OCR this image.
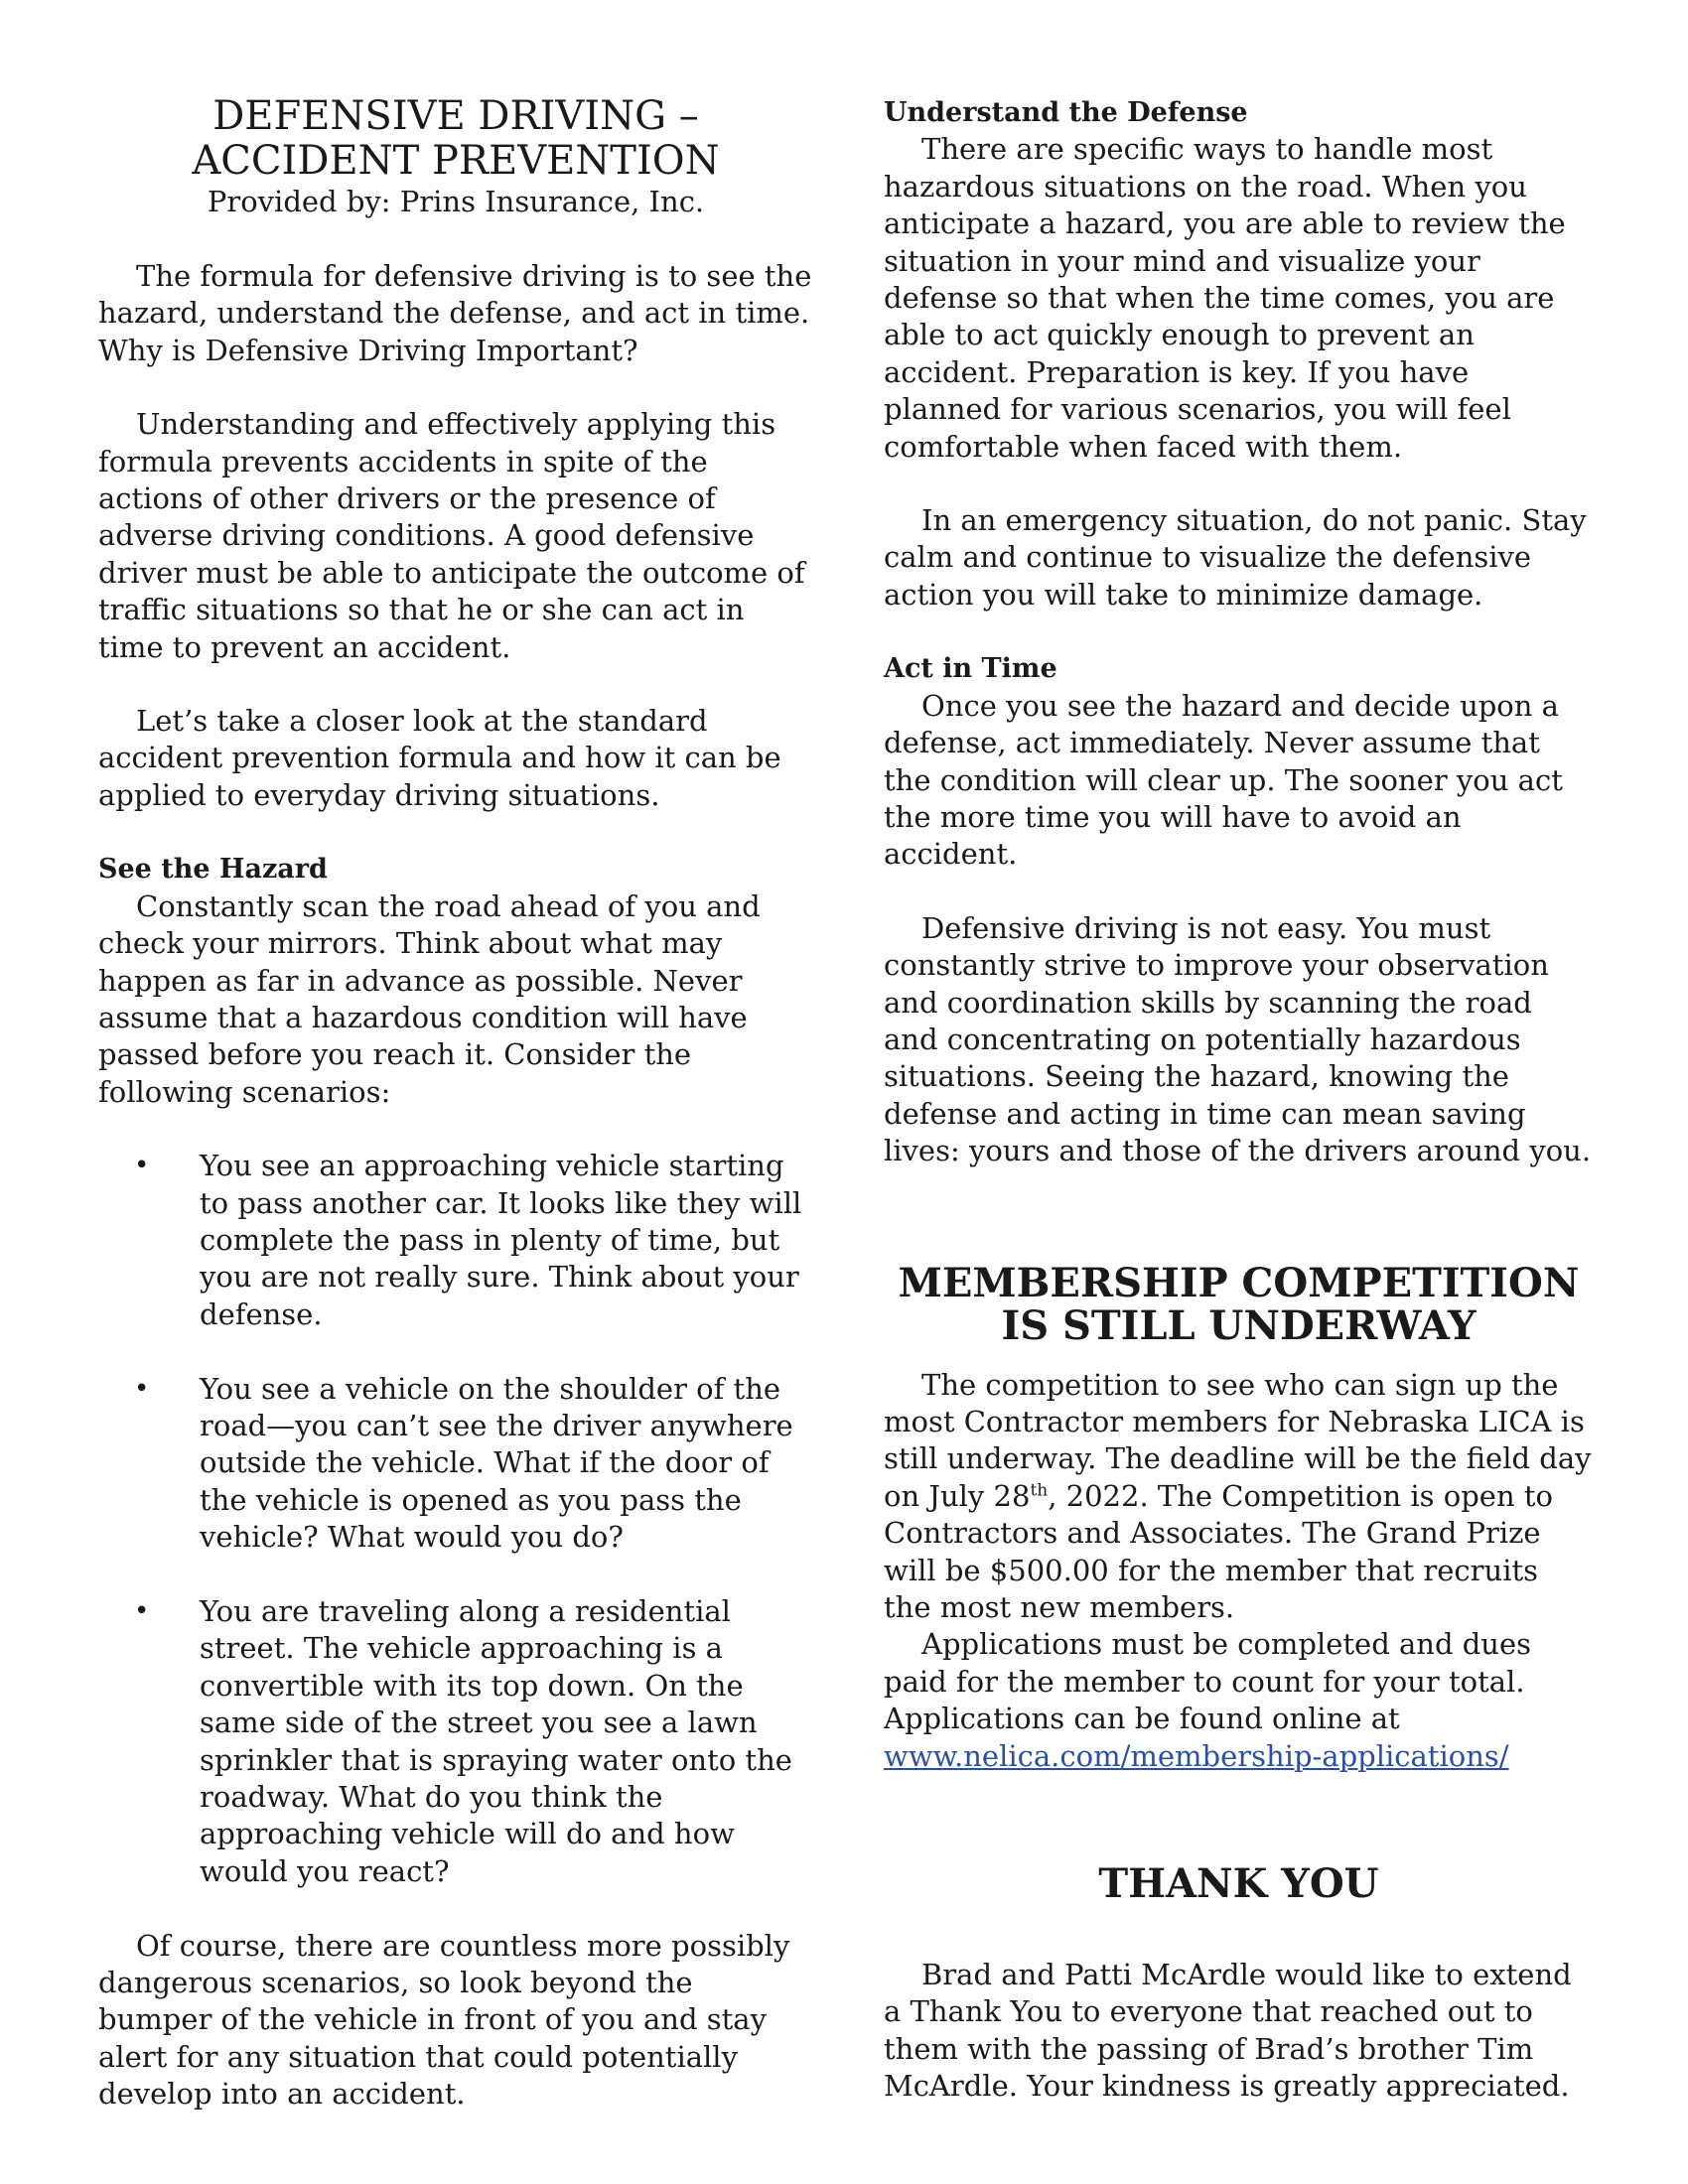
DEFENSIVE DRIVING –
ACCIDENT PREVENTION

Provided by: Prins Insurance, Inc.

The formula for defensive driving is to see the hazard, understand the defense, and act in time. Why is Defensive Driving Important?

Understanding and effectively applying this formula prevents accidents in spite of the actions of other drivers or the presence of adverse driving conditions. A good defensive driver must be able to anticipate the outcome of traffic situations so that he or she can act in time to prevent an accident.

Let’s take a closer look at the standard accident prevention formula and how it can be applied to everyday driving situations.

See the Hazard

Constantly scan the road ahead of you and check your mirrors. Think about what may happen as far in advance as possible. Never assume that a hazardous condition will have passed before you reach it. Consider the following scenarios:

• You see an approaching vehicle starting to pass another car. It looks like they will complete the pass in plenty of time, but you are not really sure. Think about your defense.
• You see a vehicle on the shoulder of the road—you can’t see the driver anywhere outside the vehicle. What if the door of the vehicle is opened as you pass the vehicle? What would you do?
• You are traveling along a residential street. The vehicle approaching is a convertible with its top down. On the same side of the street you see a lawn sprinkler that is spraying water onto the roadway. What do you think the approaching vehicle will do and how would you react?

Of course, there are countless more possibly dangerous scenarios, so look beyond the bumper of the vehicle in front of you and stay alert for any situation that could potentially develop into an accident.

Understand the Defense

There are specific ways to handle most hazardous situations on the road. When you anticipate a hazard, you are able to review the situation in your mind and visualize your defense so that when the time comes, you are able to act quickly enough to prevent an accident. Preparation is key. If you have planned for various scenarios, you will feel comfortable when faced with them.

In an emergency situation, do not panic. Stay calm and continue to visualize the defensive action you will take to minimize damage.

Act in Time

Once you see the hazard and decide upon a defense, act immediately. Never assume that the condition will clear up. The sooner you act the more time you will have to avoid an accident.

Defensive driving is not easy. You must constantly strive to improve your observation and coordination skills by scanning the road and concentrating on potentially hazardous situations. Seeing the hazard, knowing the defense and acting in time can mean saving lives: yours and those of the drivers around you.

MEMBERSHIP COMPETITION
IS STILL UNDERWAY

The competition to see who can sign up the most Contractor members for Nebraska LICA is still underway. The deadline will be the field day on July 28th, 2022. The Competition is open to Contractors and Associates. The Grand Prize will be $500.00 for the member that recruits the most new members.

Applications must be completed and dues paid for the member to count for your total. Applications can be found online at
www.nelica.com/membership-applications/

THANK YOU

Brad and Patti McArdle would like to extend a Thank You to everyone that reached out to them with the passing of Brad’s brother Tim McArdle. Your kindness is greatly appreciated.
